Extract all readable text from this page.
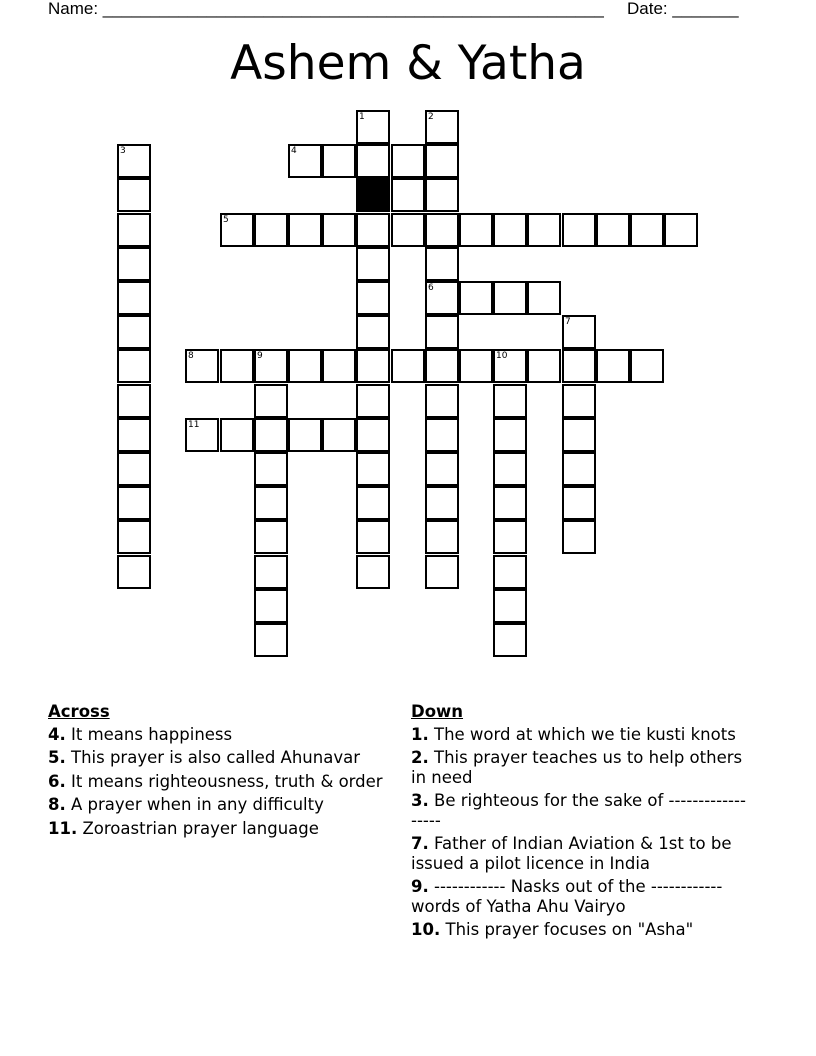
Name: _____________________________________________________ Date: _______
Ashem & Yatha
1	2
3	4
5
6
7
8	9	10
11
Across
4. It means happiness
5. This prayer is also called Ahunavar
6. It means righteousness, truth & order
8. A prayer when in any difficulty
11. Zoroastrian prayer language
Down
1. The word at which we tie kusti knots
2. This prayer teaches us to help others in need
3. Be righteous for the sake of ------------------
7. Father of Indian Aviation & 1st to be issued a pilot licence in India
9. ------------ Nasks out of the ------------ words of Yatha Ahu Vairyo
10. This prayer focuses on "Asha"
